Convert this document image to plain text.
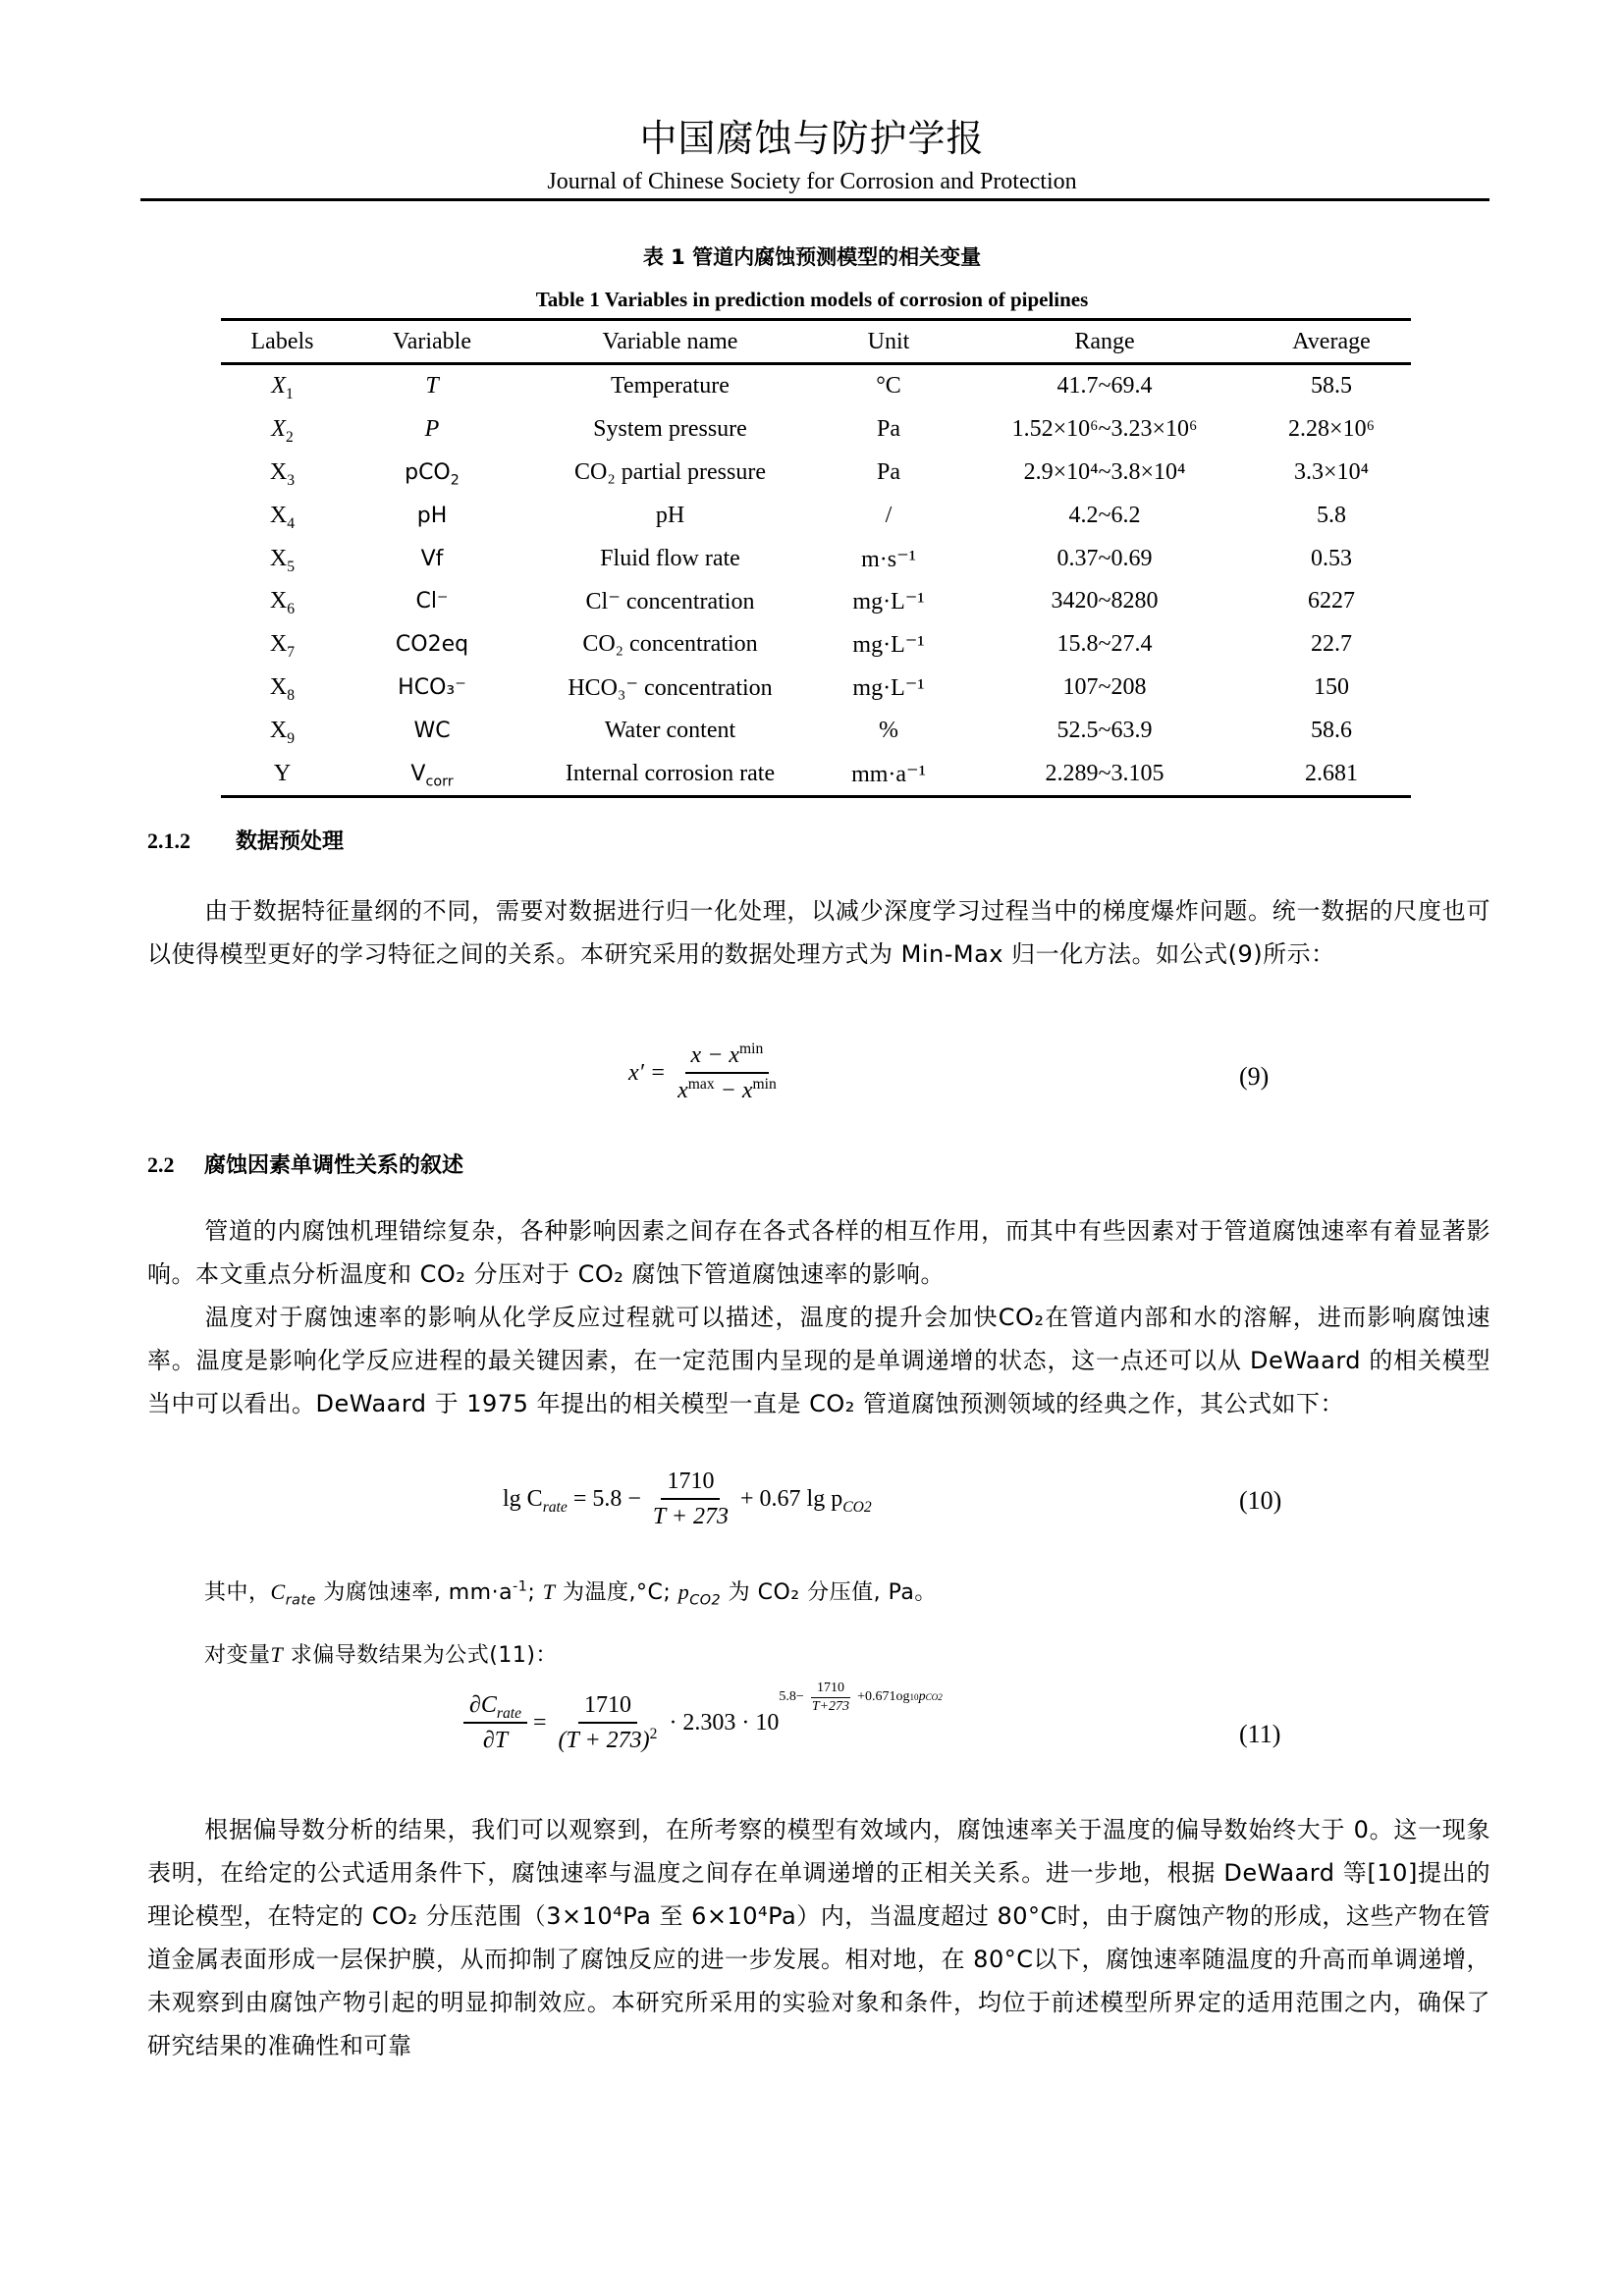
中国腐蚀与防护学报
Journal of Chinese Society for Corrosion and Protection
表 1 管道内腐蚀预测模型的相关变量
Table 1 Variables in prediction models of corrosion of pipelines
Labels	Variable	Variable name	Unit	Range	Average
$X_1$	T	Temperature	°C	41.7~69.4	58.5
$X_2$	P	System pressure	Pa	1.52×10⁶~3.23×10⁶	2.28×10⁶
$X_3$	pCO$_2$	CO₂ partial pressure	Pa	2.9×10⁴~3.8×10⁴	3.3×10⁴
$X_4$	pH	pH	/	4.2~6.2	5.8
$X_5$	Vf	Fluid flow rate	m·s⁻¹	0.37~0.69	0.53
$X_6$	Cl⁻	Cl⁻ concentration	mg·L⁻¹	3420~8280	6227
$X_7$	CO2eq	CO₂ concentration	mg·L⁻¹	15.8~27.4	22.7
$X_8$	HCO₃⁻	HCO₃⁻ concentration	mg·L⁻¹	107~208	150
$X_9$	WC	Water content	%	52.5~63.9	58.6
Y	$V_{corr}$	Internal corrosion rate	mm·a⁻¹	2.289~3.105	2.681
2.1.2 数据预处理
由于数据特征量纲的不同，需要对数据进行归一化处理，以减少深度学习过程当中的梯度爆炸问题。统一数据的尺度也可以使得模型更好的学习特征之间的关系。本研究采用的数据处理方式为 Min-Max 归一化方法。如公式(9)所示：
$x' = \frac{x - x^{min}}{x^{max} - x^{min}}$	(9)
2.2 腐蚀因素单调性关系的叙述
管道的内腐蚀机理错综复杂，各种影响因素之间存在各式各样的相互作用，而其中有些因素对于管道腐蚀速率有着显著影响。本文重点分析温度和 CO₂ 分压对于 CO₂ 腐蚀下管道腐蚀速率的影响。
温度对于腐蚀速率的影响从化学反应过程就可以描述，温度的提升会加快CO₂在管道内部和水的溶解，进而影响腐蚀速率。温度是影响化学反应进程的最关键因素，在一定范围内呈现的是单调递增的状态，这一点还可以从 DeWaard 的相关模型当中可以看出。DeWaard 于 1975 年提出的相关模型一直是 CO₂ 管道腐蚀预测领域的经典之作，其公式如下：
$\lg C_{rate} = 5.8 - \frac{1710}{T + 273} + 0.67$ $\lg p_{CO2}$	(10)
其中，$C_{rate}$ 为腐蚀速率, $mm\cdot a^{-1}$; T 为温度,°C; $p_{CO2}$ 为 CO₂ 分压值, Pa。
对变量T 求偏导数结果为公式(11)：
$\frac{\partial C_{rate}}{\partial T} = \frac{1710}{(T + 273)^2} \cdot 2.303 \cdot 10$
$5.8- \frac{1710}{T+273} +0.671og$ 10 p CO2
(11)
根据偏导数分析的结果，我们可以观察到，在所考察的模型有效域内，腐蚀速率关于温度的偏导数始终大于 0。这一现象表明，在给定的公式适用条件下，腐蚀速率与温度之间存在单调递增的正相关关系。进一步地，根据 DeWaard 等[10]提出的理论模型，在特定的 CO₂ 分压范围（3×10⁴Pa 至 6×10⁴Pa）内，当温度超过 80°C时，由于腐蚀产物的形成，这些产物在管道金属表面形成一层保护膜，从而抑制了腐蚀反应的进一步发展。相对地，在 80°C以下，腐蚀速率随温度的升高而单调递增，未观察到由腐蚀产物引起的明显抑制效应。本研究所采用的实验对象和条件，均位于前述模型所界定的适用范围之内，确保了研究结果的准确性和可靠
